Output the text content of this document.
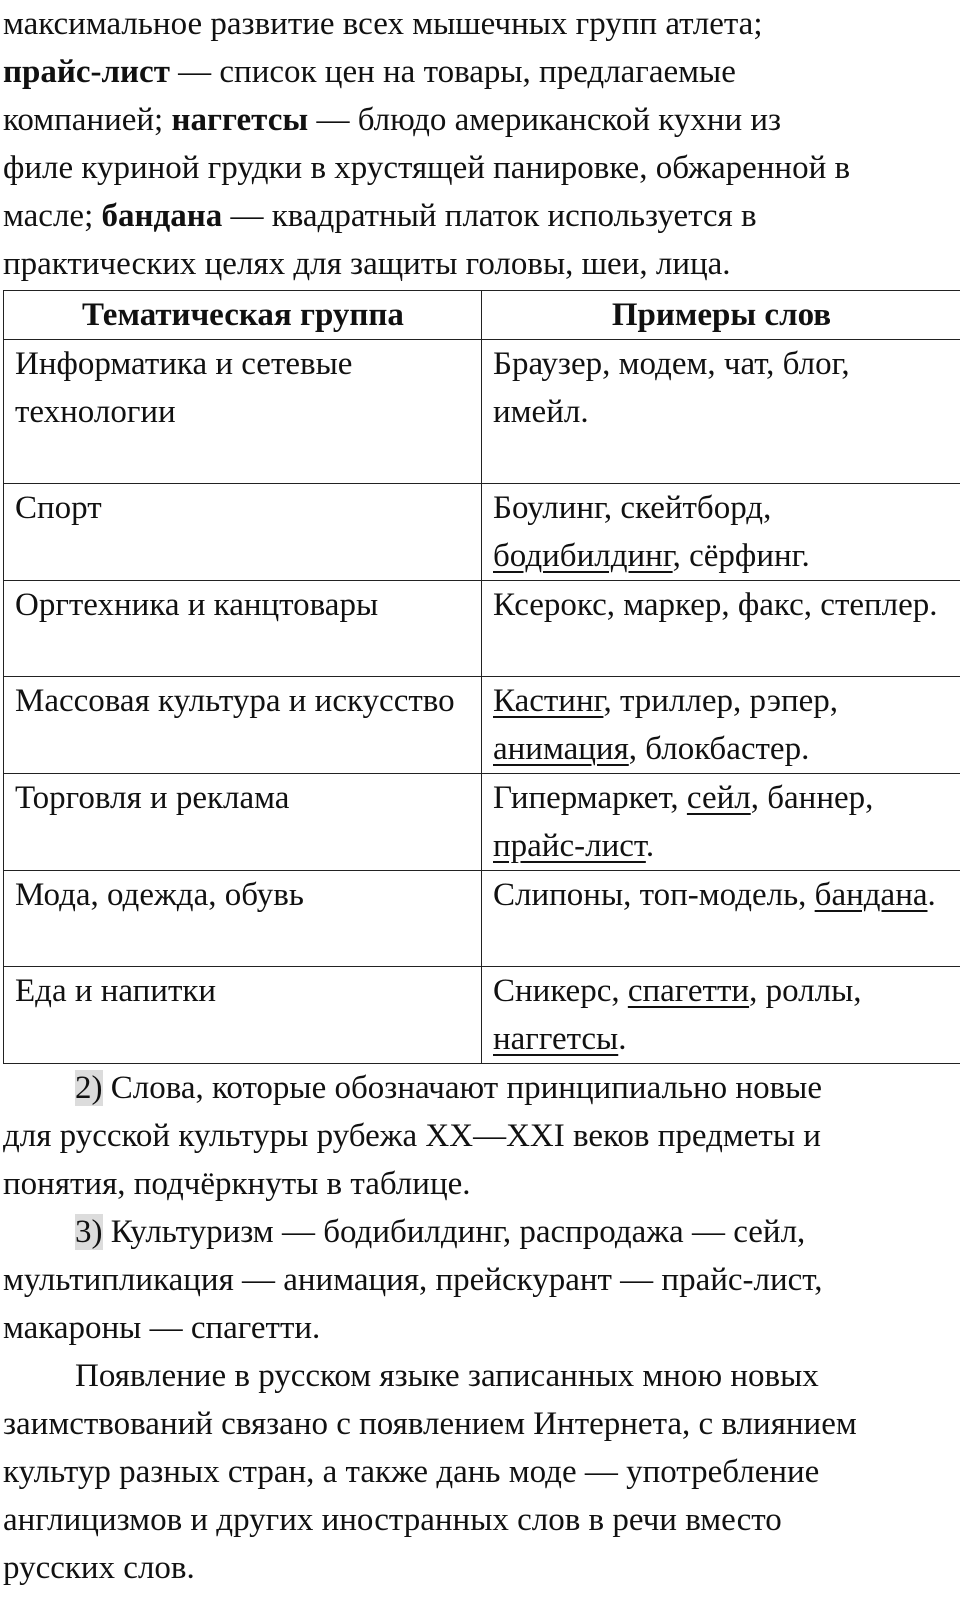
максимальное развитие всех мышечных групп атлета;
прайс-лист — список цен на товары, предлагаемые
компанией; наггетсы — блюдо американской кухни из
филе куриной грудки в хрустящей панировке, обжаренной в
масле; бандана — квадратный платок используется в
практических целях для защиты головы, шеи, лица.
Тематическая группа	Примеры слов
Информатика и сетевые технологии	Браузер, модем, чат, блог, имейл.
Спорт	Боулинг, скейтборд, бодибилдинг, сёрфинг.
Оргтехника и канцтовары	Ксерокс, маркер, факс, степлер.
Массовая культура и искусство	Кастинг, триллер, рэпер, анимация, блокбастер.
Торговля и реклама	Гипермаркет, сейл, баннер, прайс-лист.
Мода, одежда, обувь	Слипоны, топ-модель, бандана.
Еда и напитки	Сникерс, спагетти, роллы, наггетсы.

2) Слова, которые обозначают принципиально новые

для русской культуры рубежа XX—XXI веков предметы и

понятия, подчёркнуты в таблице.

3) Культуризм — бодибилдинг, распродажа — сейл,

мультипликация — анимация, прейскурант — прайс-лист,

макароны — спагетти.

Появление в русском языке записанных мною новых

заимствований связано с появлением Интернета, с влиянием

культур разных стран, а также дань моде — употребление

англицизмов и других иностранных слов в речи вместо

русских слов.
